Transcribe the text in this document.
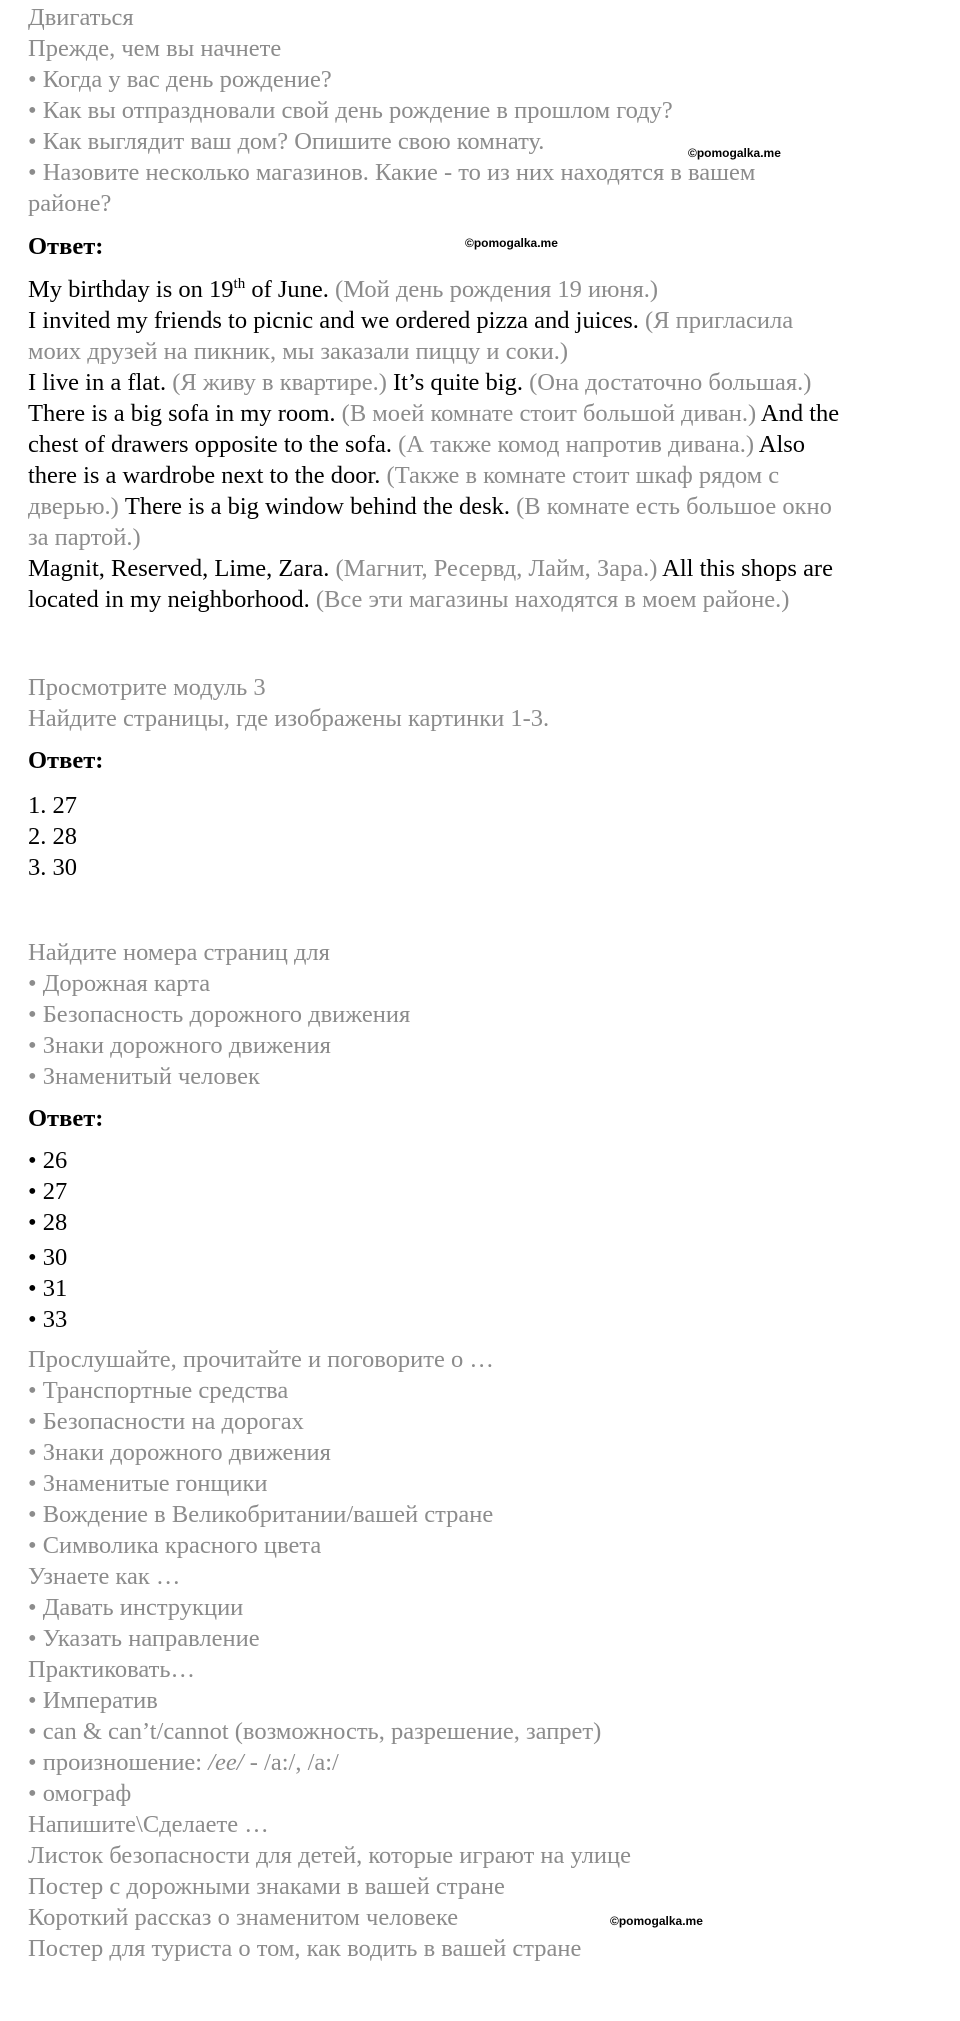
Двигаться
Прежде, чем вы начнете
• Когда у вас день рождение?
• Как вы отпраздновали свой день рождение в прошлом году?
• Как выглядит ваш дом? Опишите свою комнату.
• Назовите несколько магазинов. Какие - то из них находятся в вашем
районе?
©pomogalka.me
©pomogalka.me
Ответ:
My birthday is on 19th of June. (Мой день рождения 19 июня.)
I invited my friends to picnic and we ordered pizza and juices. (Я пригласила
моих друзей на пикник, мы заказали пиццу и соки.)
I live in a flat. (Я живу в квартире.) It’s quite big. (Она достаточно большая.)
There is a big sofa in my room. (В моей комнате стоит большой диван.) And the
chest of drawers opposite to the sofa. (А также комод напротив дивана.) Also
there is a wardrobe next to the door. (Также в комнате стоит шкаф рядом с
дверью.) There is a big window behind the desk. (В комнате есть большое окно
за партой.)
Magnit, Reserved, Lime, Zara. (Магнит, Ресервд, Лайм, Зара.) All this shops are
located in my neighborhood. (Все эти магазины находятся в моем районе.)
Просмотрите модуль 3
Найдите страницы, где изображены картинки 1-3.
Ответ:
1. 27
2. 28
3. 30
Найдите номера страниц для
• Дорожная карта
• Безопасность дорожного движения
• Знаки дорожного движения
• Знаменитый человек
Ответ:
• 26
• 27
• 28
• 30
• 31
• 33
Прослушайте, прочитайте и поговорите о …
• Транспортные средства
• Безопасности на дорогах
• Знаки дорожного движения
• Знаменитые гонщики
• Вождение в Великобритании/вашей стране
• Символика красного цвета
Узнаете как …
• Давать инструкции
• Указать направление
Практиковать…
• Императив
• can & can’t/cannot (возможность, разрешение, запрет)
• произношение: /ee/ - /a:/, /a:/
• омограф
Напишите\Сделаете …
Листок безопасности для детей, которые играют на улице
Постер с дорожными знаками в вашей стране
Короткий рассказ о знаменитом человеке
Постер для туриста о том, как водить в вашей стране
©pomogalka.me
